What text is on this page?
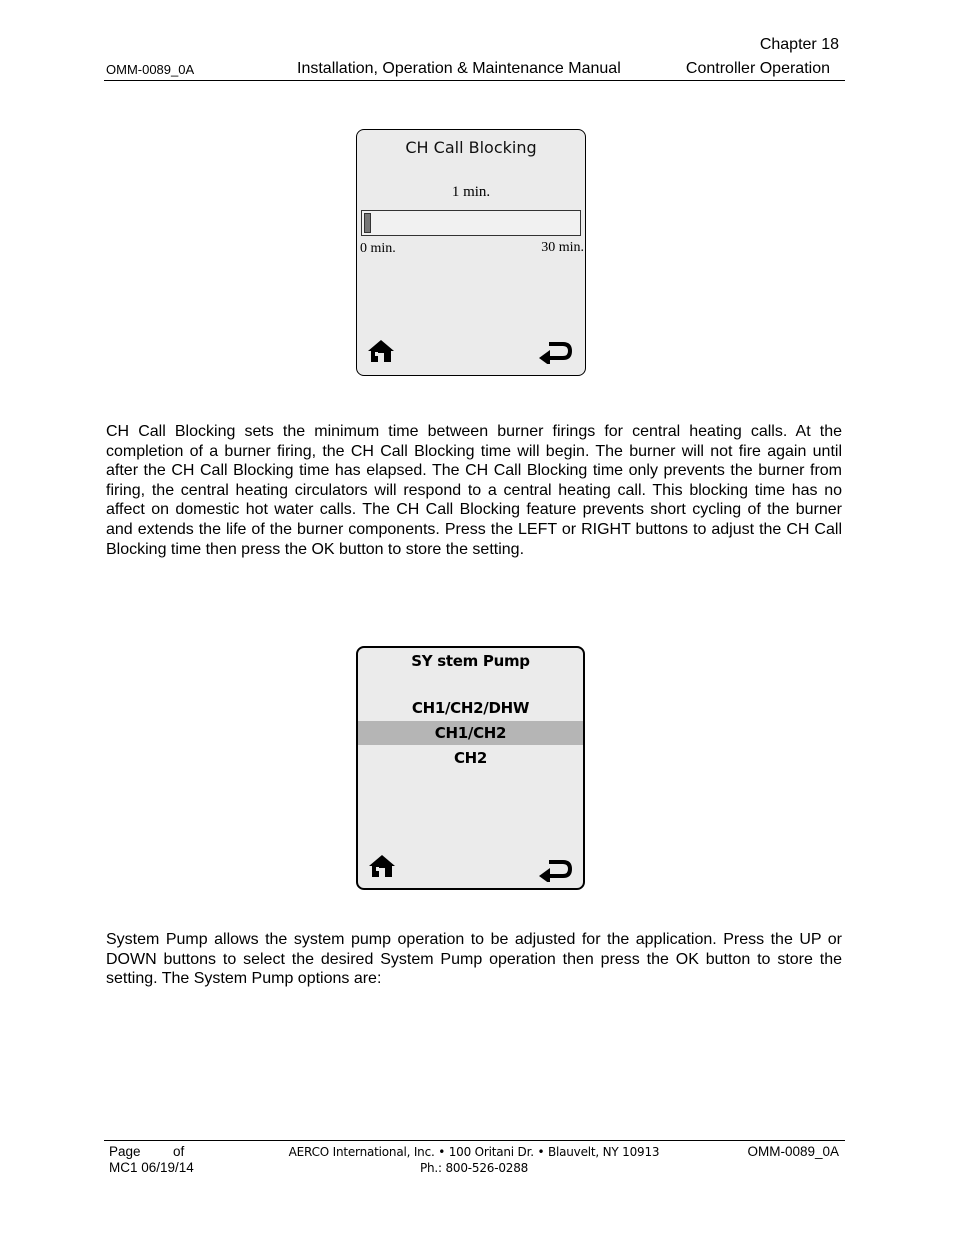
Chapter 18
OMM-0089_0A	Installation, Operation & Maintenance Manual	Controller Operation
CH Call Blocking
1 min.
0 min.	30 min.
CH Call Blocking sets the minimum time between burner firings for central heating calls. At the completion of a burner firing, the CH Call Blocking time will begin. The burner will not fire again until after the CH Call Blocking time has elapsed. The CH Call Blocking time only prevents the burner from firing, the central heating circulators will respond to a central heating call. This blocking time has no affect on domestic hot water calls. The CH Call Blocking feature prevents short cycling of the burner and extends the life of the burner components. Press the LEFT or RIGHT buttons to adjust the CH Call Blocking time then press the OK button to store the setting.
SY stem Pump
CH1/CH2/DHW
CH1/CH2
CH2
System Pump allows the system pump operation to be adjusted for the application. Press the UP or DOWN buttons to select the desired System Pump operation then press the OK button to store the setting. The System Pump options are:
Page of
MC1 06/19/14
AERCO International, Inc. • 100 Oritani Dr. • Blauvelt, NY 10913
Ph.: 800-526-0288
OMM-0089_0A
